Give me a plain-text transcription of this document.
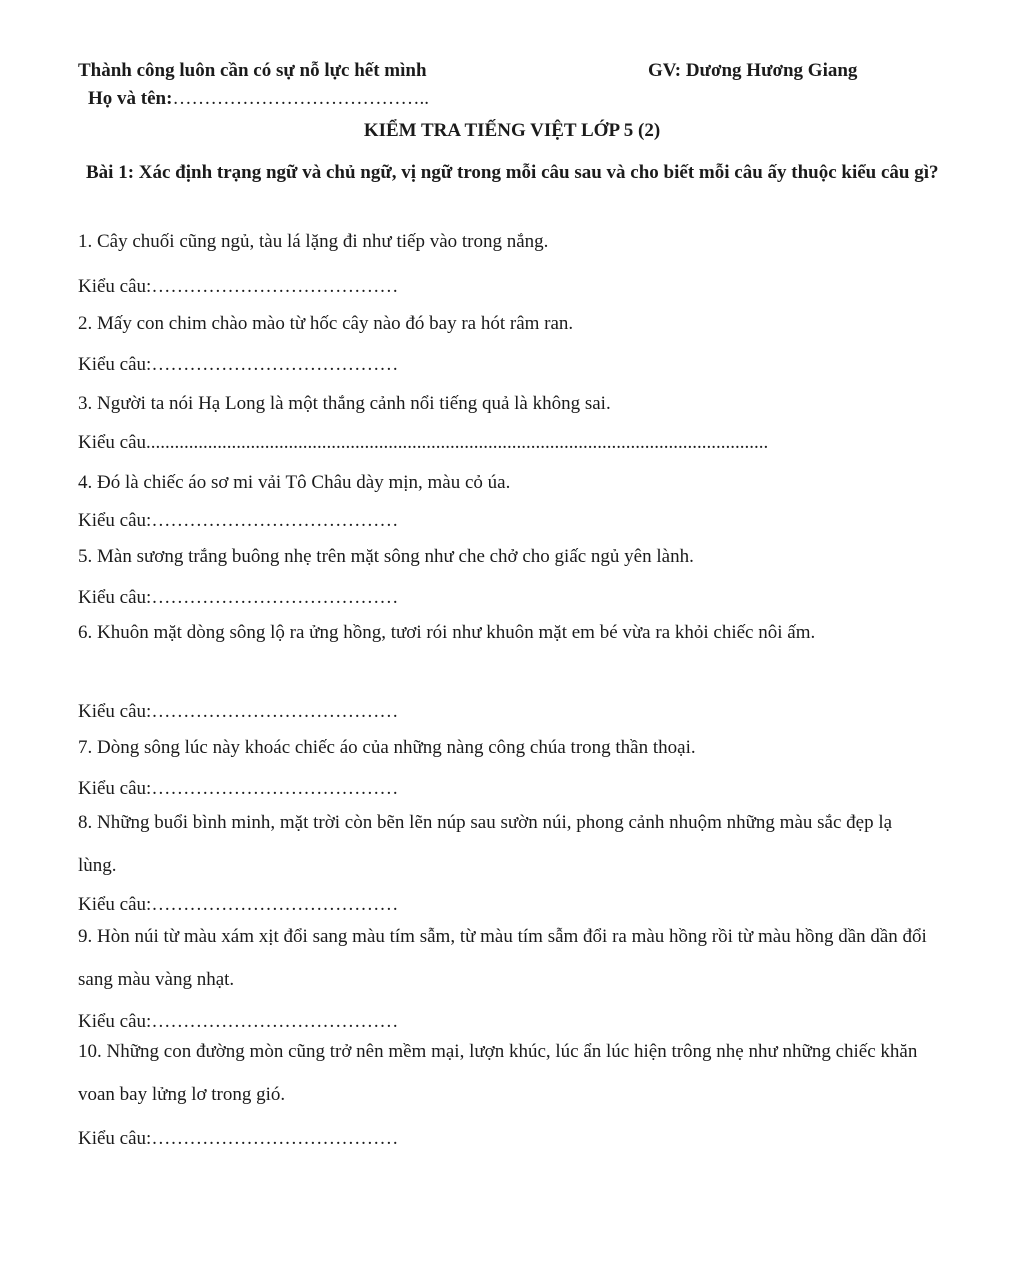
Thành công luôn cần có sự nỗ lực hết mình	GV: Dương Hương Giang
Họ và tên:…………………………………..
KIỂM TRA TIẾNG VIỆT LỚP 5 (2)
Bài 1: Xác định trạng ngữ và chủ ngữ, vị ngữ trong mỗi câu sau và cho biết mỗi câu ấy thuộc kiểu câu gì?
1. Cây chuối cũng ngủ, tàu lá lặng đi như tiếp vào trong nắng.
Kiểu câu:…………………………………
2. Mấy con chim chào mào từ hốc cây nào đó bay ra hót râm ran.
Kiểu câu:…………………………………
3. Người ta nói Hạ Long là một thắng cảnh nổi tiếng quả là không sai.
Kiểu câu...................................................................................................................................
4. Đó là chiếc áo sơ mi vải Tô Châu dày mịn, màu cỏ úa.
Kiểu câu:…………………………………
5. Màn sương trắng buông nhẹ trên mặt sông như che chở cho giấc ngủ yên lành.
Kiểu câu:…………………………………
6. Khuôn mặt dòng sông lộ ra ửng hồng, tươi rói như khuôn mặt em bé vừa ra khỏi chiếc nôi ấm.
Kiểu câu:…………………………………
7. Dòng sông lúc này khoác chiếc áo của những nàng công chúa trong thần thoại.
Kiểu câu:…………………………………
8. Những buổi bình minh, mặt trời còn bẽn lẽn núp sau sườn núi, phong cảnh nhuộm những màu sắc đẹp lạ lùng.
Kiểu câu:…………………………………
9. Hòn núi từ màu xám xịt đổi sang màu tím sẫm, từ màu tím sẫm đổi ra màu hồng rồi từ màu hồng dần dần đổi sang màu vàng nhạt.
Kiểu câu:…………………………………
10. Những con đường mòn cũng trở nên mềm mại, lượn khúc, lúc ẩn lúc hiện trông nhẹ như những chiếc khăn voan bay lửng lơ trong gió.
Kiểu câu:…………………………………
